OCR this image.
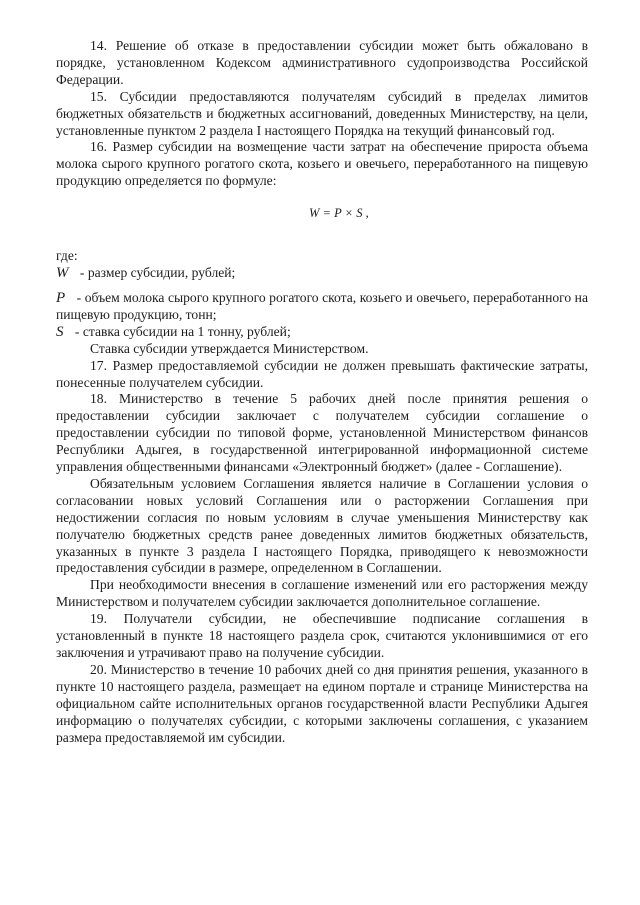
14. Решение об отказе в предоставлении субсидии может быть обжаловано в порядке, установленном Кодексом административного судопроизводства Российской Федерации.

15. Субсидии предоставляются получателям субсидий в пределах лимитов бюджетных обязательств и бюджетных ассигнований, доведенных Министерству, на цели, установленные пунктом 2 раздела I настоящего Порядка на текущий финансовый год.

16. Размер субсидии на возмещение части затрат на обеспечение прироста объема молока сырого крупного рогатого скота, козьего и овечьего, переработанного на пищевую продукцию определяется по формуле:

W = P × S ,

где:

W - размер субсидии, рублей;

P - объем молока сырого крупного рогатого скота, козьего и овечьего, переработанного на пищевую продукцию, тонн;

S - ставка субсидии на 1 тонну, рублей;

Ставка субсидии утверждается Министерством.

17. Размер предоставляемой субсидии не должен превышать фактические затраты, понесенные получателем субсидии.

18. Министерство в течение 5 рабочих дней после принятия решения о предоставлении субсидии заключает с получателем субсидии соглашение о предоставлении субсидии по типовой форме, установленной Министерством финансов Республики Адыгея, в государственной интегрированной информационной системе управления общественными финансами «Электронный бюджет» (далее - Соглашение).

Обязательным условием Соглашения является наличие в Соглашении условия о согласовании новых условий Соглашения или о расторжении Соглашения при недостижении согласия по новым условиям в случае уменьшения Министерству как получателю бюджетных средств ранее доведенных лимитов бюджетных обязательств, указанных в пункте 3 раздела I настоящего Порядка, приводящего к невозможности предоставления субсидии в размере, определенном в Соглашении.

При необходимости внесения в соглашение изменений или его расторжения между Министерством и получателем субсидии заключается дополнительное соглашение.

19. Получатели субсидии, не обеспечившие подписание соглашения в установленный в пункте 18 настоящего раздела срок, считаются уклонившимися от его заключения и утрачивают право на получение субсидии.

20. Министерство в течение 10 рабочих дней со дня принятия решения, указанного в пункте 10 настоящего раздела, размещает на едином портале и странице Министерства на официальном сайте исполнительных органов государственной власти Республики Адыгея информацию о получателях субсидии, с которыми заключены соглашения, с указанием размера предоставляемой им субсидии.
